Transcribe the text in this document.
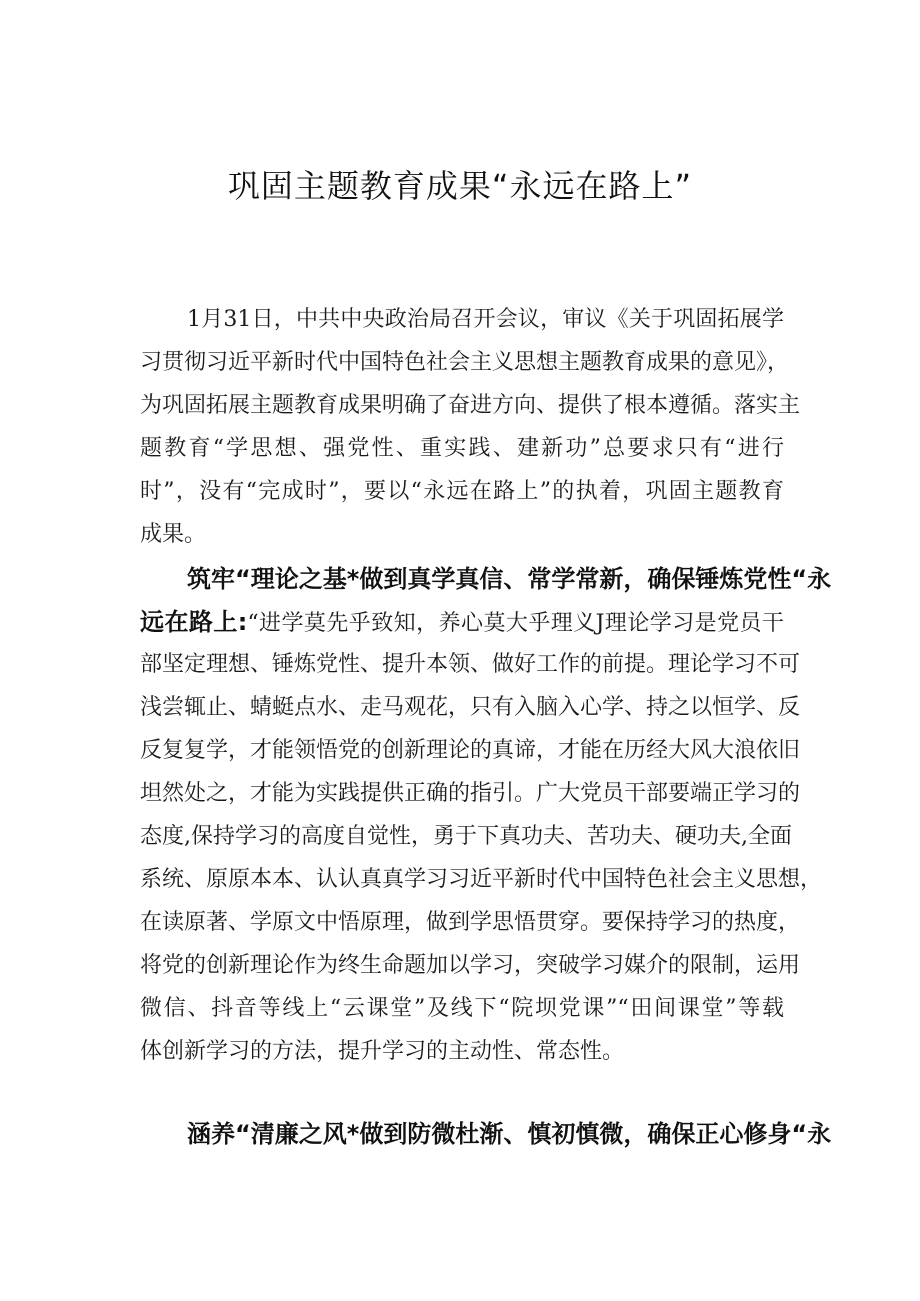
巩固主题教育成果“永远在路上”
1月31日，中共中央政治局召开会议，审议《关于巩固拓展学
习贯彻习近平新时代中国特色社会主义思想主题教育成果的意见》，
为巩固拓展主题教育成果明确了奋进方向、提供了根本遵循。落实主
题教育“学思想、强党性、重实践、建新功”总要求只有“进行
时”，没有“完成时”，要以“永远在路上”的执着，巩固主题教育
成果。
筑牢“理论之基*做到真学真信、常学常新，确保锤炼党性“永
远在路上:“进学莫先乎致知，养心莫大乎理义J理论学习是党员干
部坚定理想、锤炼党性、提升本领、做好工作的前提。理论学习不可
浅尝辄止、蜻蜓点水、走马观花，只有入脑入心学、持之以恒学、反
反复复学，才能领悟党的创新理论的真谛，才能在历经大风大浪依旧
坦然处之，才能为实践提供正确的指引。广大党员干部要端正学习的
态度,保持学习的高度自觉性，勇于下真功夫、苦功夫、硬功夫,全面
系统、原原本本、认认真真学习习近平新时代中国特色社会主义思想，
在读原著、学原文中悟原理，做到学思悟贯穿。要保持学习的热度，
将党的创新理论作为终生命题加以学习，突破学习媒介的限制，运用
微信、抖音等线上“云课堂”及线下“院坝党课”“田间课堂”等载
体创新学习的方法，提升学习的主动性、常态性。
涵养“清廉之风*做到防微杜渐、慎初慎微，确保正心修身“永
